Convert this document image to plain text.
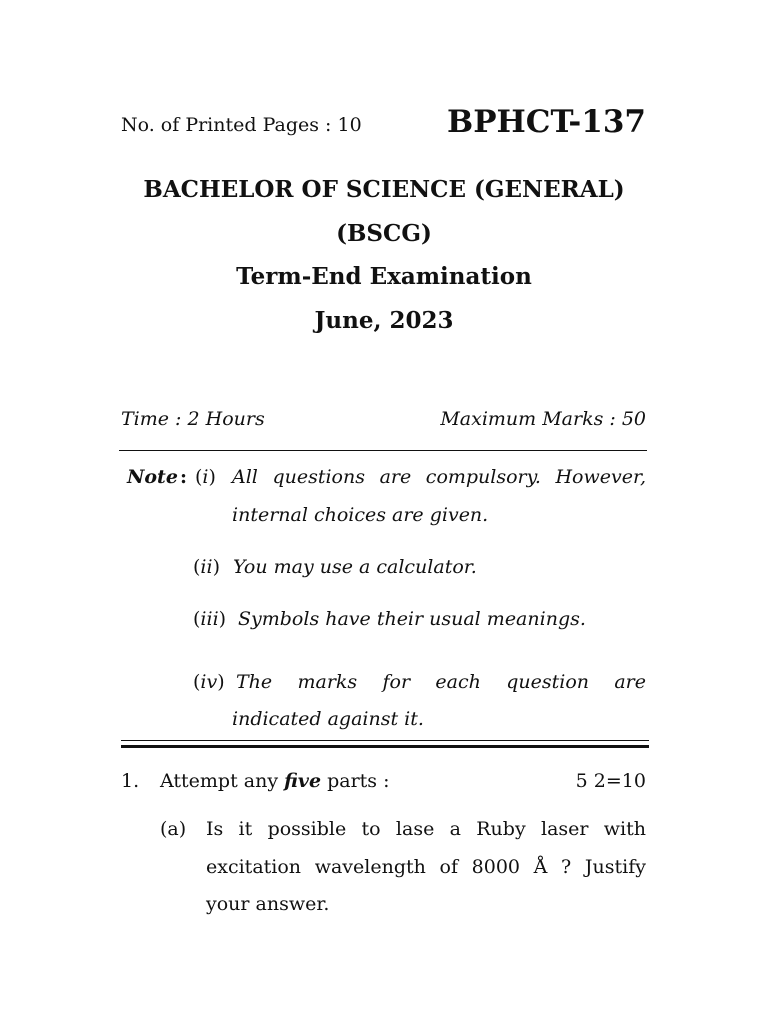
No. of Printed Pages : 10	BPHCT-137
BACHELOR OF SCIENCE (GENERAL)
(BSCG)
Term-End Examination
June, 2023
Time : 2 Hours	Maximum Marks : 50
Note : (i) All questions are compulsory. However,
internal choices are given.
(ii) You may use a calculator.
(iii) Symbols have their usual meanings.
(iv) The marks for each question are
indicated against it.
1. Attempt any five parts :	5 2=10
(a) Is it possible to lase a Ruby laser with
excitation wavelength of 8000 Å ? Justify
your answer.
